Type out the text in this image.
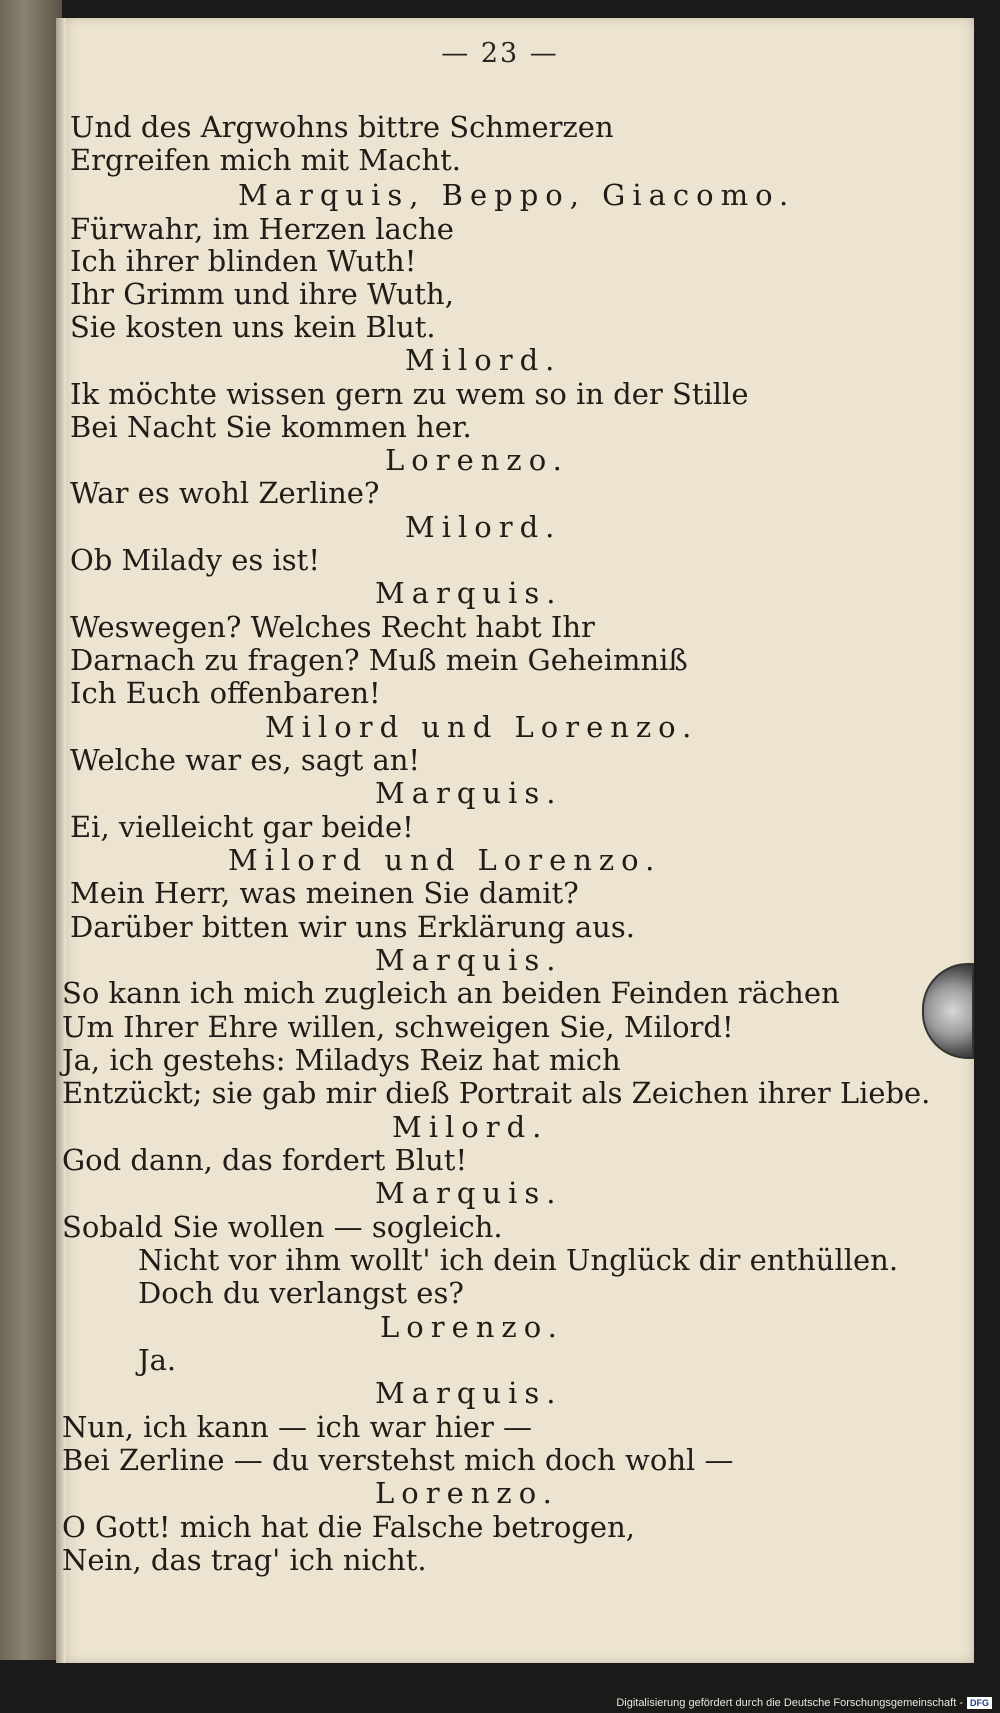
— 23 —
Und des Argwohns bittre Schmerzen
Ergreifen mich mit Macht.
Marquis, Beppo, Giacomo.
Fürwahr, im Herzen lache
Ich ihrer blinden Wuth!
Ihr Grimm und ihre Wuth,
Sie kosten uns kein Blut.
Milord.
Ik möchte wissen gern zu wem so in der Stille
Bei Nacht Sie kommen her.
Lorenzo.
War es wohl Zerline?
Milord.
Ob Milady es ist!
Marquis.
Weswegen? Welches Recht habt Ihr
Darnach zu fragen? Muß mein Geheimniß
Ich Euch offenbaren!
Milord und Lorenzo.
Welche war es, sagt an!
Marquis.
Ei, vielleicht gar beide!
Milord und Lorenzo.
Mein Herr, was meinen Sie damit?
Darüber bitten wir uns Erklärung aus.
Marquis.
So kann ich mich zugleich an beiden Feinden rächen
Um Ihrer Ehre willen, schweigen Sie, Milord!
Ja, ich gestehs: Miladys Reiz hat mich
Entzückt; sie gab mir dieß Portrait als Zeichen ihrer Liebe.
Milord.
God dann, das fordert Blut!
Marquis.
Sobald Sie wollen — sogleich.
Nicht vor ihm wollt' ich dein Unglück dir enthüllen.
Doch du verlangst es?
Lorenzo.
Ja.
Marquis.
Nun, ich kann — ich war hier —
Bei Zerline — du verstehst mich doch wohl —
Lorenzo.
O Gott! mich hat die Falsche betrogen,
Nein, das trag' ich nicht.
Digitalisierung gefördert durch die Deutsche Forschungsgemeinschaft - DFG
